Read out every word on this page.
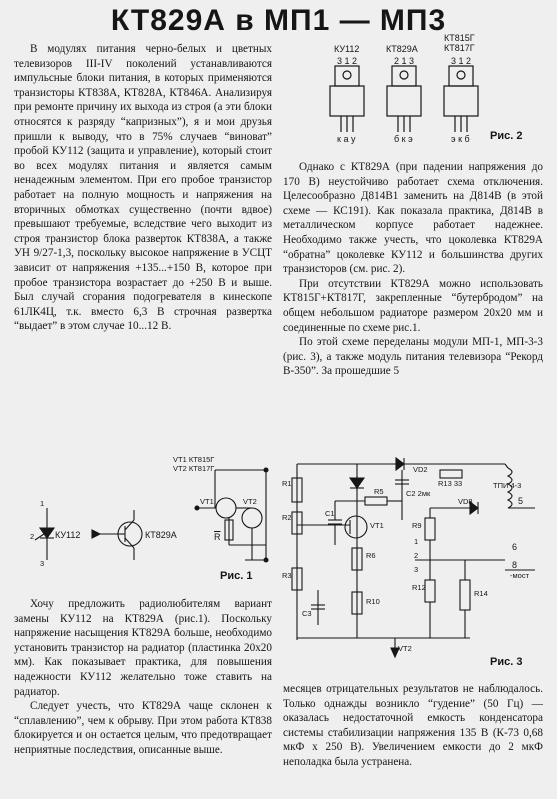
КТ829А в МП1 — МП3

В модулях питания черно-белых и цветных телевизоров III-IV поколений устанавливаются импульсные блоки питания, в которых применяются транзисторы КТ838А, КТ828А, КТ846А. Анализируя при ремонте причину их выхода из строя (а эти блоки относятся к разряду “капризных”), я и мои друзья пришли к выводу, что в 75% случаев “виноват” пробой КУ112 (защита и управление), который стоит во всех модулях питания и является самым ненадежным элементом. При его пробое транзистор работает на полную мощность и напряжения на вторичных обмотках существенно (почти вдвое) превышают требуемые, вследствие чего выходит из строя транзистор блока разверток КТ838А, а также УН 9/27-1,3, поскольку высокое напряжение в УСЦТ зависит от напряжения +135...+150 В, которое при пробое транзистора возрастает до +250 В и выше. Был случай сгорания подогревателя в кинескопе 61ЛК4Ц, т.к. вместо 6,3 В строчная развертка “выдает” в этом случае 10...12 В.

Хочу предложить радиолюбителям вариант замены КУ112 на КТ829А (рис.1). Поскольку напряжение насыщения КТ829А больше, необходимо установить транзистор на радиатор (пластинка 20х20 мм). Как показывает практика, для повышения надежности КУ112 желательно тоже ставить на радиатор.

Следует учесть, что КТ829А чаще склонен к “сплавлению”, чем к обрыву. При этом работа КТ838 блокируется и он остается целым, что предотвращает неприятные последствия, описанные выше.

Однако с КТ829А (при падении напряжения до 170 В) неустойчиво работает схема отключения. Целесообразно Д814В1 заменить на Д814В (в этой схеме — КС191). Как показала практика, Д814В в металлическом корпусе работает надежнее. Необходимо также учесть, что цоколевка КТ829А “обратна” цоколевке КУ112 и большинства других транзисторов (см. рис. 2).

При отсутствии КТ829А можно использовать КТ815Г+КТ817Г, закрепленные “бутербродом” на общем небольшом радиаторе размером 20х20 мм и соединенные по схеме рис.1.

По этой схеме переделаны модули МП-1, МП-3-3 (рис. 3), а также модуль питания телевизора “Рекорд В-350”. За прошедшие 5

месяцев отрицательных результатов не наблюдалось. Только однажды возникло “гудение” (50 Гц) — оказалась недостаточной емкость конденсатора системы стабилизации напряжения 135 В (К-73 0,68 мкФ х 250 В). Увеличением емкости до 2 мкФ неполадка была устранена.

КУ112
3 1 2
к а у
КТ829А
2 1 3
б к э
КТ815Г
КТ817Г
3 1 2
э к б Рис. 2
VT1 КТ815Г
VT2 КТ817Г
VT1	VT2
КУ112	КТ829А	$\overline{R}$
1
2
3
Рис. 1
VD2
R13 33
C2 2мк
ТПИ 4-3
VD8
R5
C1
VT1
R6
R1
R2
R3
R9
R10
R12
R14
C3
5
6
8
-мост
VT2
1
2
3
Рис. 3
